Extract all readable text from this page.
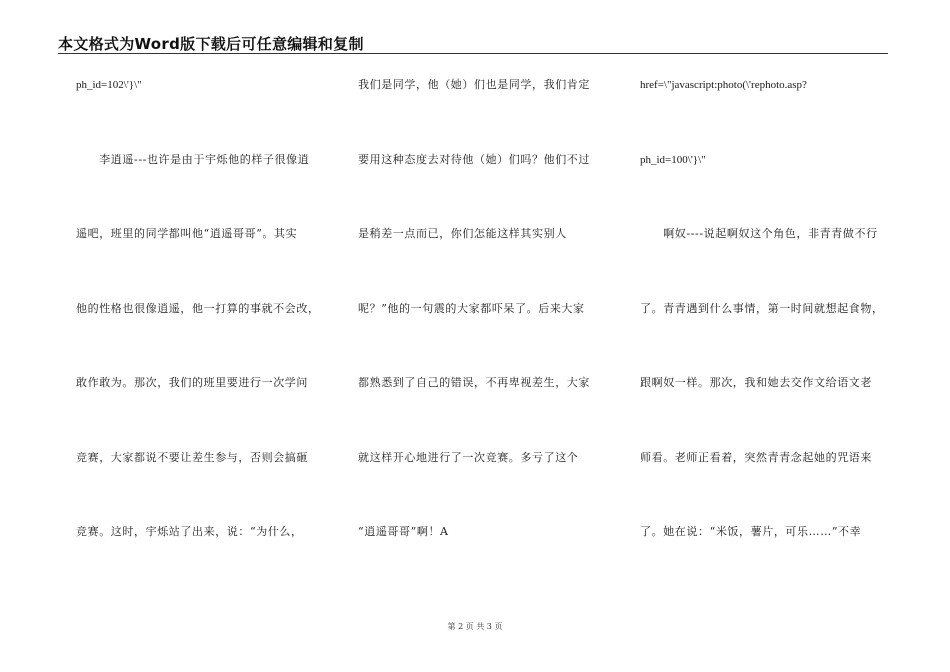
本文格式为Word版下载后可任意编辑和复制
ph_id=102\'}\"
　　李逍遥---也许是由于宇烁他的样子很像逍
遥吧，班里的同学都叫他“逍遥哥哥”。其实
他的性格也很像逍遥，他一打算的事就不会改，
敢作敢为。那次，我们的班里要进行一次学问
竞赛，大家都说不要让差生参与，否则会搞砸
竞赛。这时，宇烁站了出来，说：“为什么，
我们是同学，他（她）们也是同学，我们肯定
要用这种态度去对待他（她）们吗？他们不过
是稍差一点而已，你们怎能这样其实别人
呢？”他的一句震的大家都吓呆了。后来大家
都熟悉到了自己的错误，不再卑视差生，大家
就这样开心地进行了一次竞赛。多亏了这个
“逍遥哥哥”啊！A
href=\"javascript:photo(\'rephoto.asp?
ph_id=100\'}\"
　　啊奴----说起啊奴这个角色，非青青做不行
了。青青遇到什么事情，第一时间就想起食物，
跟啊奴一样。那次，我和她去交作文给语文老
师看。老师正看着，突然青青念起她的咒语来
了。她在说：“米饭，薯片，可乐……”不幸
第 2 页 共 3 页
